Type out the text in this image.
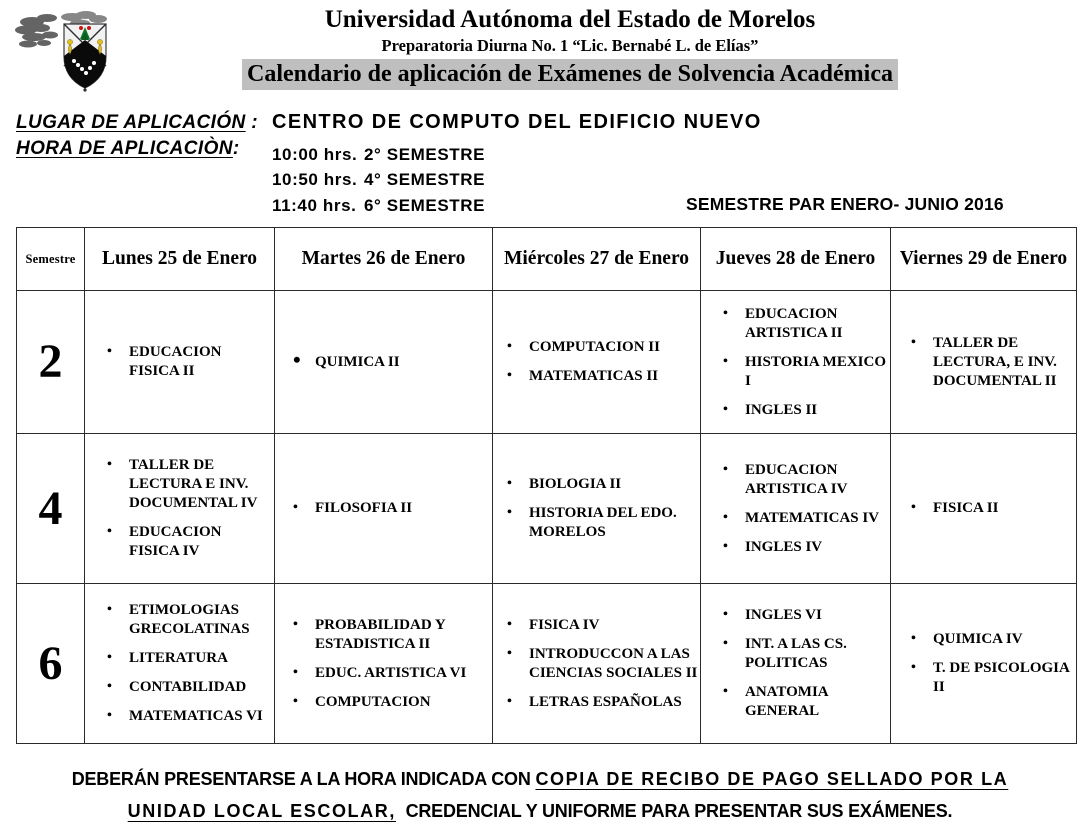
Universidad Autónoma del Estado de Morelos
Preparatoria Diurna No. 1 “Lic. Bernabé L. de Elías”
Calendario de aplicación de Exámenes de Solvencia Académica
LUGAR DE APLICACIÓN : CENTRO DE COMPUTO DEL EDIFICIO NUEVO
HORA DE APLICACIÒN: 10:00 hrs. 2° SEMESTRE
10:50 hrs. 4° SEMESTRE
11:40 hrs. 6° SEMESTRE	SEMESTRE PAR ENERO- JUNIO 2016
Semestre	Lunes 25 de Enero	Martes 26 de Enero	Miércoles 27 de Enero	Jueves 28 de Enero	Viernes 29 de Enero
2	
•EDUCACION FISICA II

• QUIMICA II

• COMPUTACION II
• MATEMATICAS II

• EDUCACION ARTISTICA II
• HISTORIA MEXICO I
• INGLES II

• TALLER DE LECTURA, E INV. DOCUMENTAL II

4	
• TALLER DE LECTURA E INV. DOCUMENTAL IV
• EDUCACION FISICA IV

• FILOSOFIA II

• BIOLOGIA II
• HISTORIA DEL EDO. MORELOS

• EDUCACION ARTISTICA IV
• MATEMATICAS IV
• INGLES IV

• FISICA II

6	
• ETIMOLOGIAS GRECOLATINAS
• LITERATURA
• CONTABILIDAD
• MATEMATICAS VI

• PROBABILIDAD Y ESTADISTICA II
• EDUC. ARTISTICA VI
• COMPUTACION

• FISICA IV
• INTRODUCCON A LAS CIENCIAS SOCIALES II
• LETRAS ESPAÑOLAS

• INGLES VI
• INT. A LAS CS. POLITICAS
• ANATOMIA GENERAL

• QUIMICA IV
• T. DE PSICOLOGIA II
DEBERÁN PRESENTARSE A LA HORA INDICADA CON COPIA DE RECIBO DE PAGO SELLADO POR LA
UNIDAD LOCAL ESCOLAR, CREDENCIAL Y UNIFORME PARA PRESENTAR SUS EXÁMENES.
